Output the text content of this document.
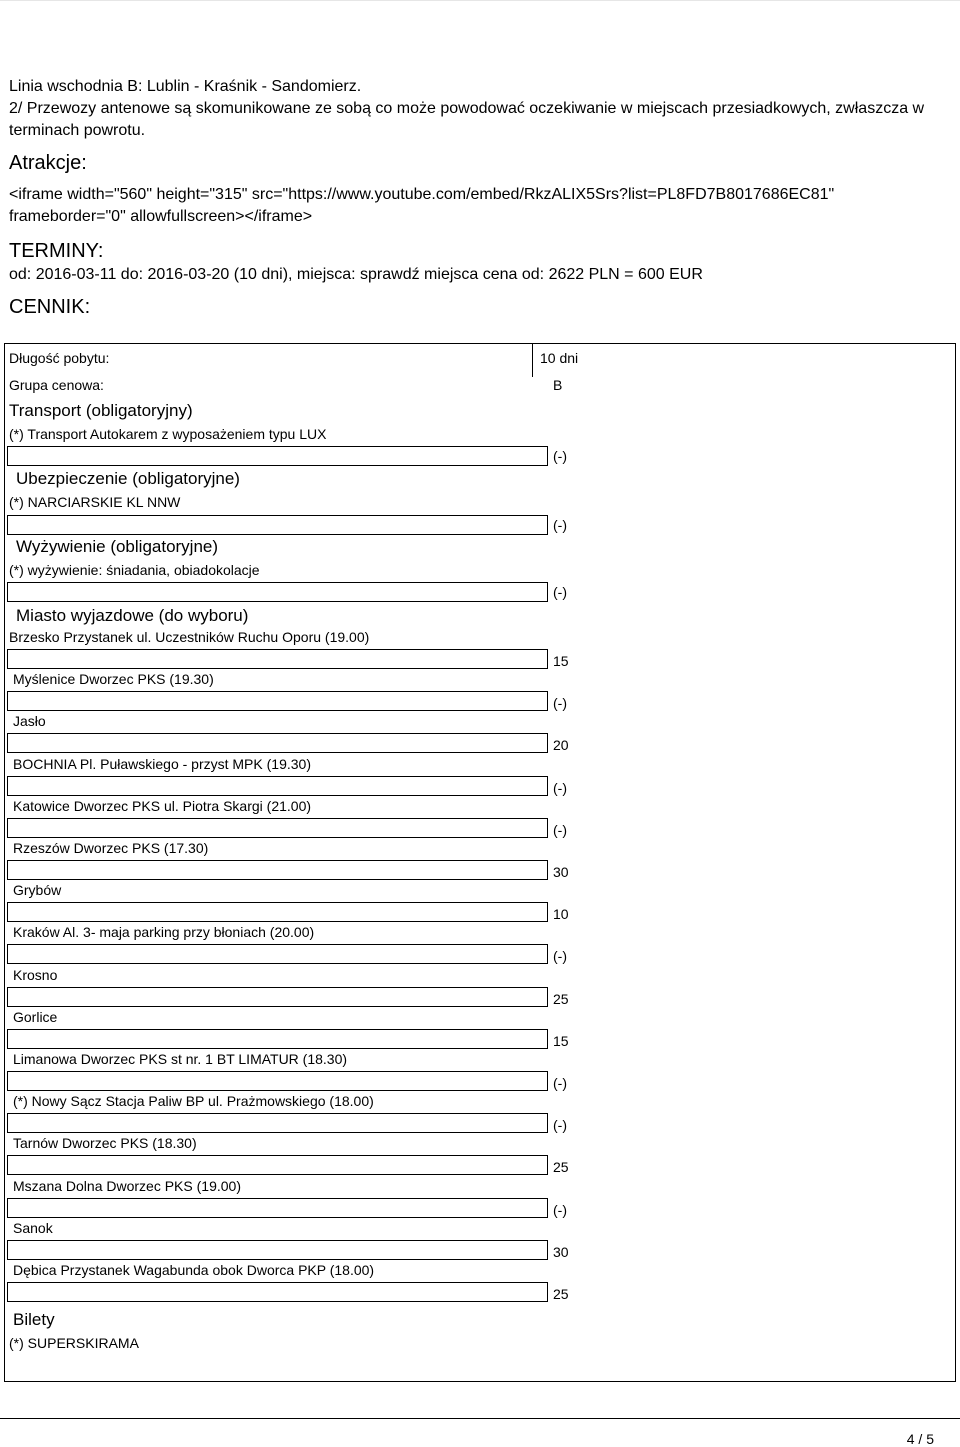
Linia wschodnia B: Lublin - Kraśnik - Sandomierz.

2/ Przewozy antenowe są skomunikowane ze sobą co może powodować oczekiwanie w miejscach przesiadkowych, zwłaszcza w terminach powrotu.

Atrakcje:
<iframe width="560" height="315" src="https://www.youtube.com/embed/RkzALIX5Srs?list=PL8FD7B8017686EC81"
frameborder="0" allowfullscreen></iframe>
TERMINY:

od: 2016-03-11 do: 2016-03-20 (10 dni), miejsca: sprawdź miejsca cena od: 2622 PLN = 600 EUR

CENNIK:
Długość pobytu:	10 dni
Grupa cenowa:	B
Transport (obligatoryjny)
(*) Transport Autokarem z wyposażeniem typu LUX
(-)
Ubezpieczenie (obligatoryjne)
(*) NARCIARSKIE KL NNW
(-)
Wyżywienie (obligatoryjne)
(*) wyżywienie: śniadania, obiadokolacje
(-)
Miasto wyjazdowe (do wyboru)
Brzesko Przystanek ul. Uczestników Ruchu Oporu (19.00)
15
Myślenice Dworzec PKS (19.30)
(-)
Jasło
20
BOCHNIA Pl. Puławskiego - przyst MPK (19.30)
(-)
Katowice Dworzec PKS ul. Piotra Skargi (21.00)
(-)
Rzeszów Dworzec PKS (17.30)
30
Grybów
10
Kraków Al. 3- maja parking przy błoniach (20.00)
(-)
Krosno
25
Gorlice
15
Limanowa Dworzec PKS st nr. 1 BT LIMATUR (18.30)
(-)
(*) Nowy Sącz Stacja Paliw BP ul. Prażmowskiego (18.00)
(-)
Tarnów Dworzec PKS (18.30)
25
Mszana Dolna Dworzec PKS (19.00)
(-)
Sanok
30
Dębica Przystanek Wagabunda obok Dworca PKP (18.00)
25
Bilety
(*) SUPERSKIRAMA
4 / 5
